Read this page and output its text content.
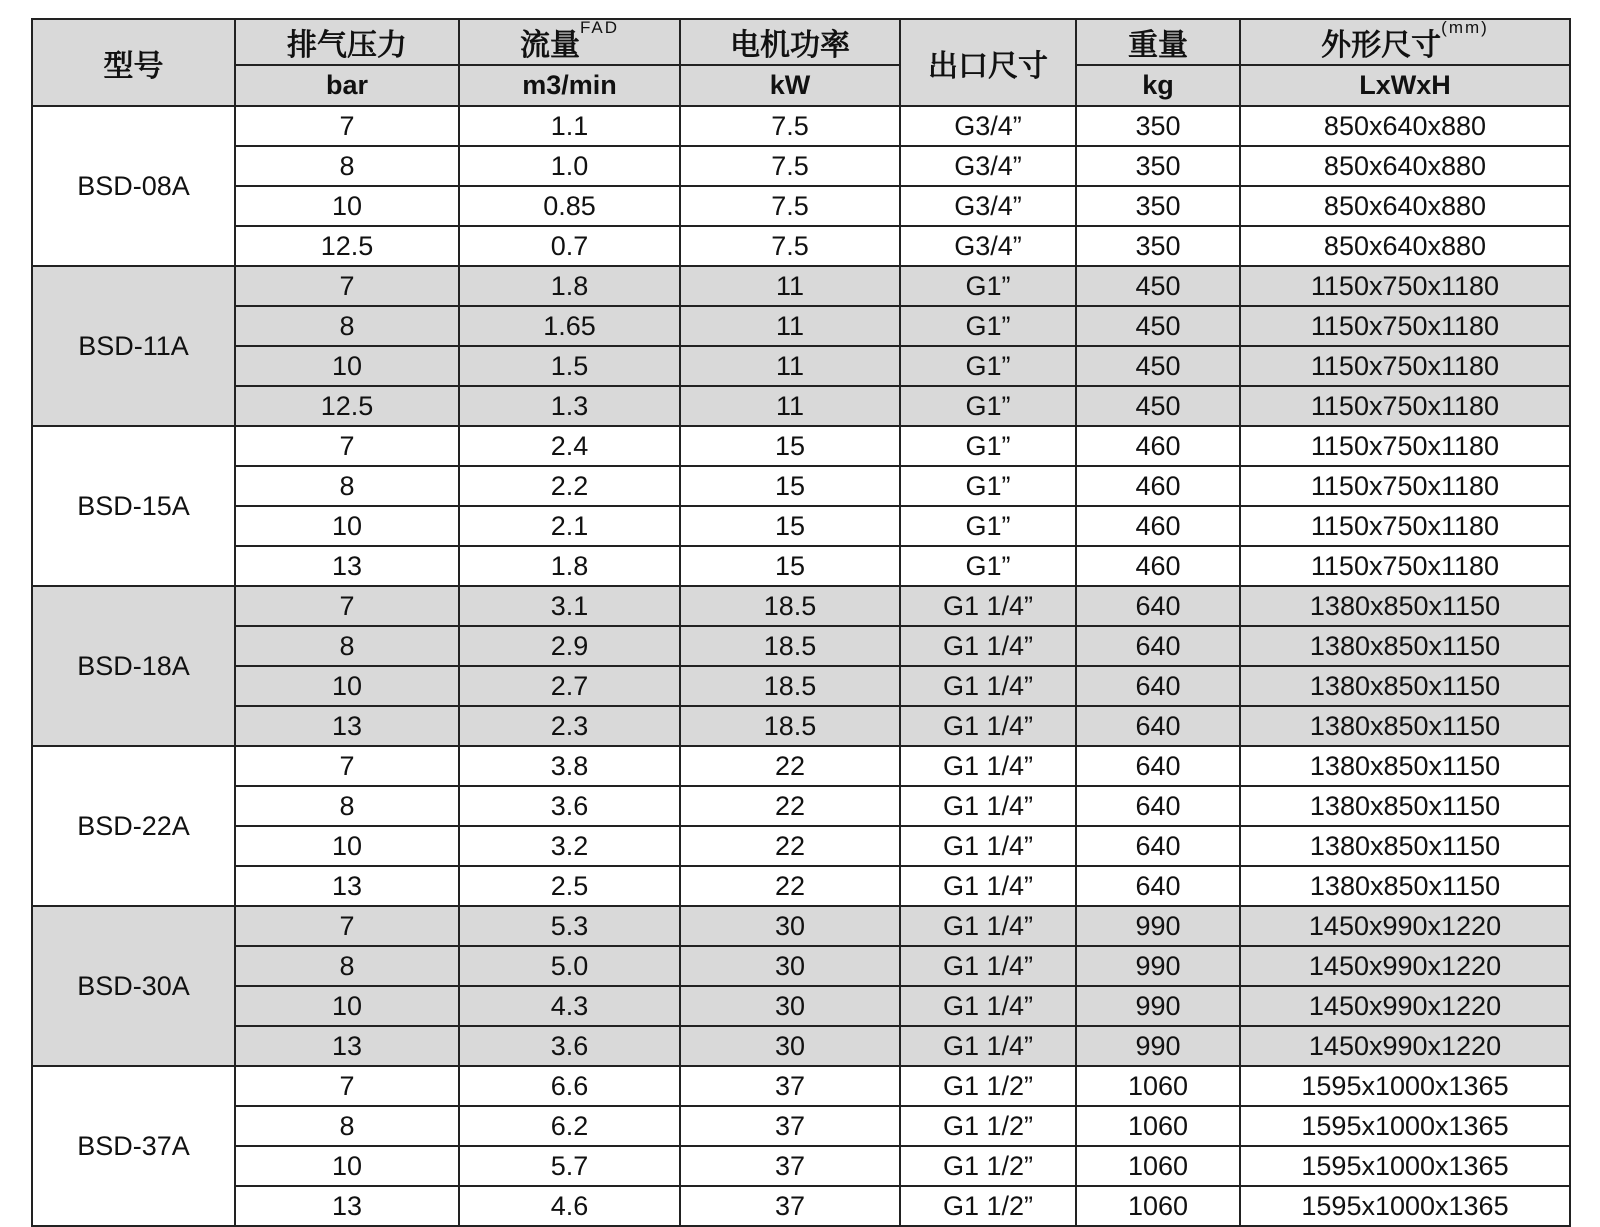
型号	排气压力	流量$^{FAD}$	电机功率	出口尺寸	重量	外形尺寸$^{(mm)}$
	bar	m3/min	kW		kg	LxWxH
BSD-08A	7	1.1	7.5	G3/4”	350	850x640x880
	8	1.0	7.5	G3/4”	350	850x640x880
	10	0.85	7.5	G3/4”	350	850x640x880
	12.5	0.7	7.5	G3/4”	350	850x640x880
BSD-11A	7	1.8	11	G1”	450	1150x750x1180
	8	1.65	11	G1”	450	1150x750x1180
	10	1.5	11	G1”	450	1150x750x1180
	12.5	1.3	11	G1”	450	1150x750x1180
BSD-15A	7	2.4	15	G1”	460	1150x750x1180
	8	2.2	15	G1”	460	1150x750x1180
	10	2.1	15	G1”	460	1150x750x1180
	13	1.8	15	G1”	460	1150x750x1180
BSD-18A	7	3.1	18.5	G1 1/4”	640	1380x850x1150
	8	2.9	18.5	G1 1/4”	640	1380x850x1150
	10	2.7	18.5	G1 1/4”	640	1380x850x1150
	13	2.3	18.5	G1 1/4”	640	1380x850x1150
BSD-22A	7	3.8	22	G1 1/4”	640	1380x850x1150
	8	3.6	22	G1 1/4”	640	1380x850x1150
	10	3.2	22	G1 1/4”	640	1380x850x1150
	13	2.5	22	G1 1/4”	640	1380x850x1150
BSD-30A	7	5.3	30	G1 1/4”	990	1450x990x1220
	8	5.0	30	G1 1/4”	990	1450x990x1220
	10	4.3	30	G1 1/4”	990	1450x990x1220
	13	3.6	30	G1 1/4”	990	1450x990x1220
BSD-37A	7	6.6	37	G1 1/2”	1060	1595x1000x1365
	8	6.2	37	G1 1/2”	1060	1595x1000x1365
	10	5.7	37	G1 1/2”	1060	1595x1000x1365
	13	4.6	37	G1 1/2”	1060	1595x1000x1365
